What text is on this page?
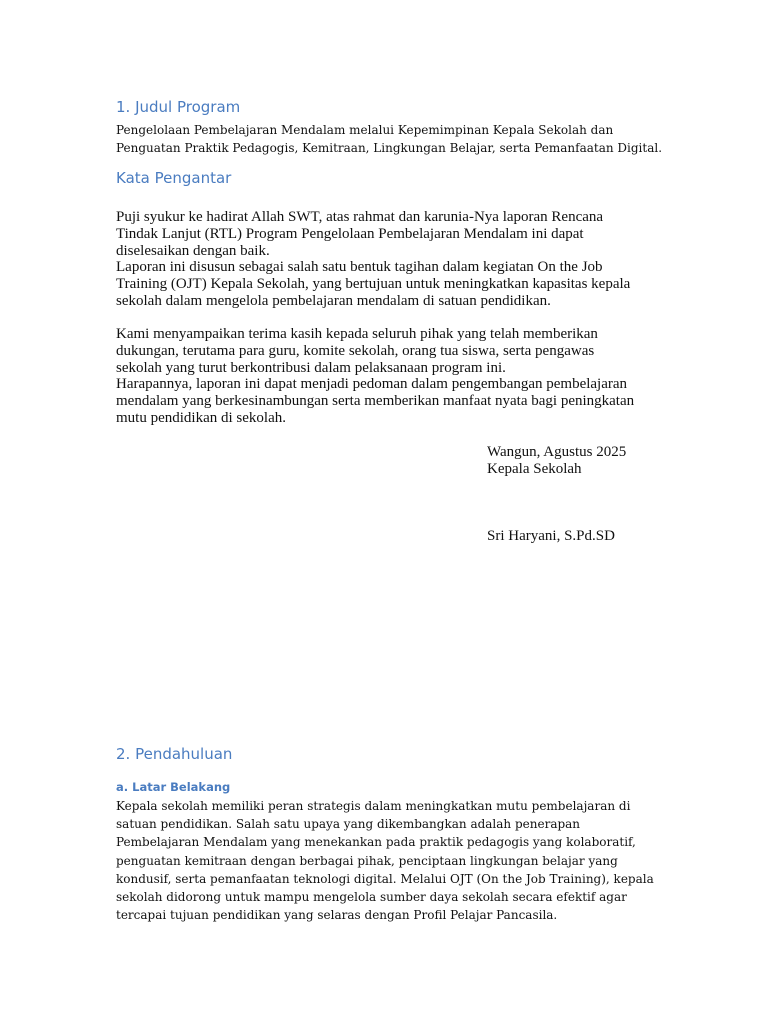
1. Judul Program
Pengelolaan Pembelajaran Mendalam melalui Kepemimpinan Kepala Sekolah dan
Penguatan Praktik Pedagogis, Kemitraan, Lingkungan Belajar, serta Pemanfaatan Digital.
Kata Pengantar
Puji syukur ke hadirat Allah SWT, atas rahmat dan karunia-Nya laporan Rencana
Tindak Lanjut (RTL) Program Pengelolaan Pembelajaran Mendalam ini dapat
diselesaikan dengan baik.
Laporan ini disusun sebagai salah satu bentuk tagihan dalam kegiatan On the Job
Training (OJT) Kepala Sekolah, yang bertujuan untuk meningkatkan kapasitas kepala
sekolah dalam mengelola pembelajaran mendalam di satuan pendidikan.
Kami menyampaikan terima kasih kepada seluruh pihak yang telah memberikan
dukungan, terutama para guru, komite sekolah, orang tua siswa, serta pengawas
sekolah yang turut berkontribusi dalam pelaksanaan program ini.
Harapannya, laporan ini dapat menjadi pedoman dalam pengembangan pembelajaran
mendalam yang berkesinambungan serta memberikan manfaat nyata bagi peningkatan
mutu pendidikan di sekolah.
Wangun, Agustus 2025
Kepala Sekolah
Sri Haryani, S.Pd.SD
2. Pendahuluan
a. Latar Belakang
Kepala sekolah memiliki peran strategis dalam meningkatkan mutu pembelajaran di
satuan pendidikan. Salah satu upaya yang dikembangkan adalah penerapan
Pembelajaran Mendalam yang menekankan pada praktik pedagogis yang kolaboratif,
penguatan kemitraan dengan berbagai pihak, penciptaan lingkungan belajar yang
kondusif, serta pemanfaatan teknologi digital. Melalui OJT (On the Job Training), kepala
sekolah didorong untuk mampu mengelola sumber daya sekolah secara efektif agar
tercapai tujuan pendidikan yang selaras dengan Profil Pelajar Pancasila.
